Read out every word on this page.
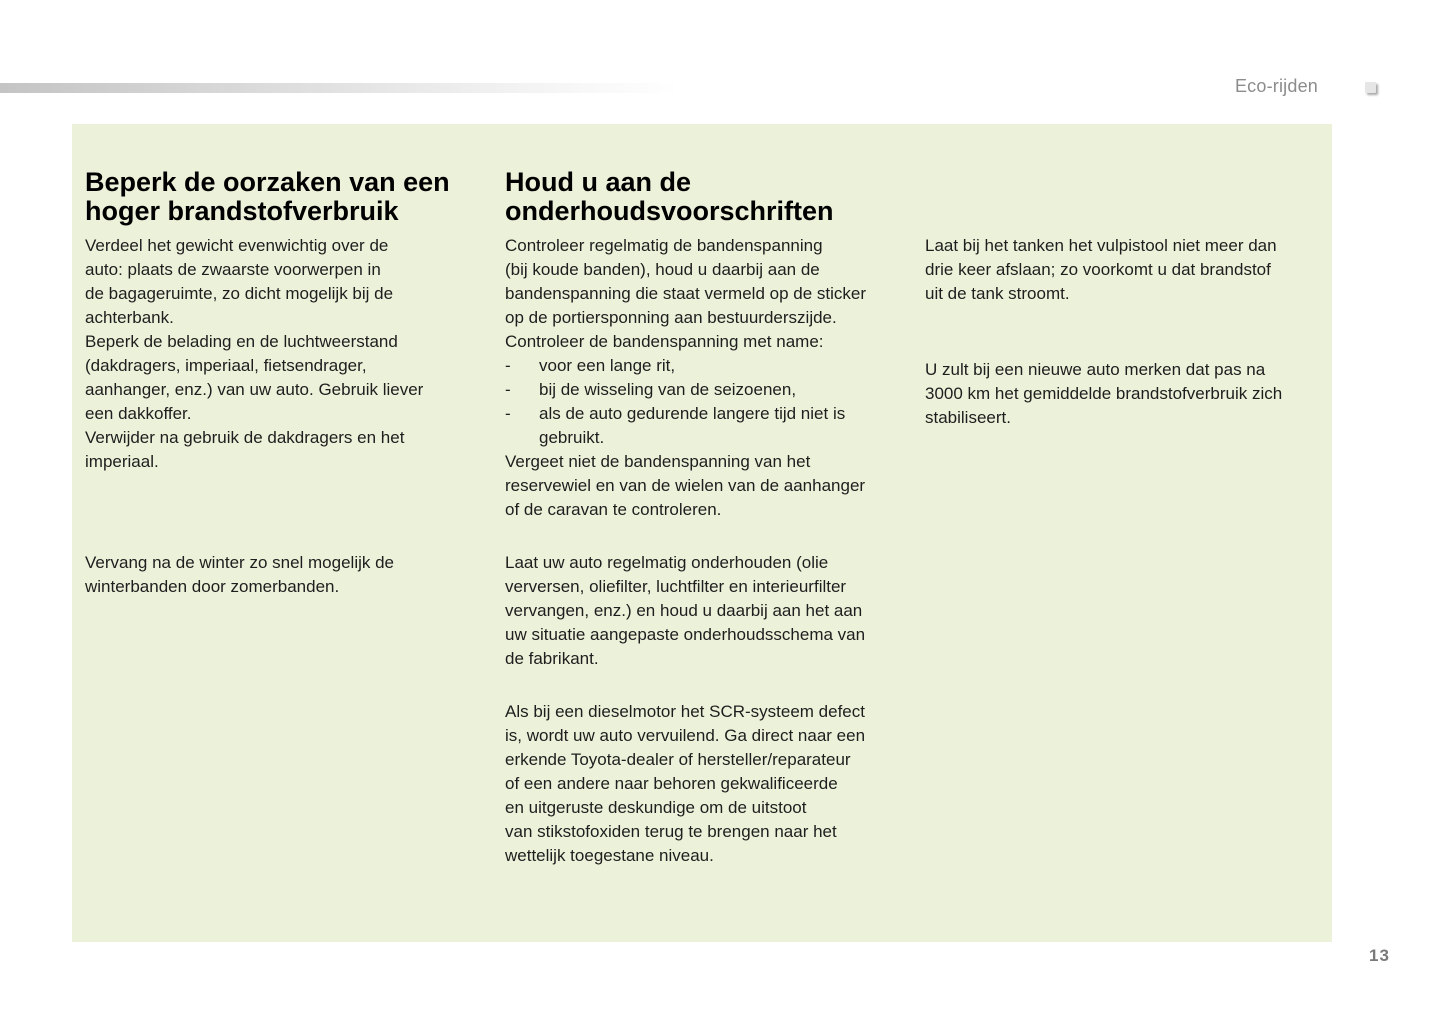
Eco-rijden
Beperk de oorzaken van een
hoger brandstofverbruik

Verdeel het gewicht evenwichtig over de
auto: plaats de zwaarste voorwerpen in
de bagageruimte, zo dicht mogelijk bij de
achterbank.

Beperk de belading en de luchtweerstand
(dakdragers, imperiaal, fietsendrager,
aanhanger, enz.) van uw auto. Gebruik liever
een dakkoffer.

Verwijder na gebruik de dakdragers en het
imperiaal.

Vervang na de winter zo snel mogelijk de
winterbanden door zomerbanden.

Houd u aan de
onderhoudsvoorschriften

Controleer regelmatig de bandenspanning
(bij koude banden), houd u daarbij aan de
bandenspanning die staat vermeld op de sticker
op de portiersponning aan bestuurderszijde.
Controleer de bandenspanning met name:

- voor een lange rit,
- bij de wisseling van de seizoenen,
- als de auto gedurende langere tijd niet is
gebruikt.

Vergeet niet de bandenspanning van het
reservewiel en van de wielen van de aanhanger
of de caravan te controleren.

Laat uw auto regelmatig onderhouden (olie
verversen, oliefilter, luchtfilter en interieurfilter
vervangen, enz.) en houd u daarbij aan het aan
uw situatie aangepaste onderhoudsschema van
de fabrikant.

Als bij een dieselmotor het SCR-systeem defect
is, wordt uw auto vervuilend. Ga direct naar een
erkende Toyota-dealer of hersteller/reparateur
of een andere naar behoren gekwalificeerde
en uitgeruste deskundige om de uitstoot
van stikstofoxiden terug te brengen naar het
wettelijk toegestane niveau.

Laat bij het tanken het vulpistool niet meer dan
drie keer afslaan; zo voorkomt u dat brandstof
uit de tank stroomt.

U zult bij een nieuwe auto merken dat pas na
3000 km het gemiddelde brandstofverbruik zich
stabiliseert.

13
